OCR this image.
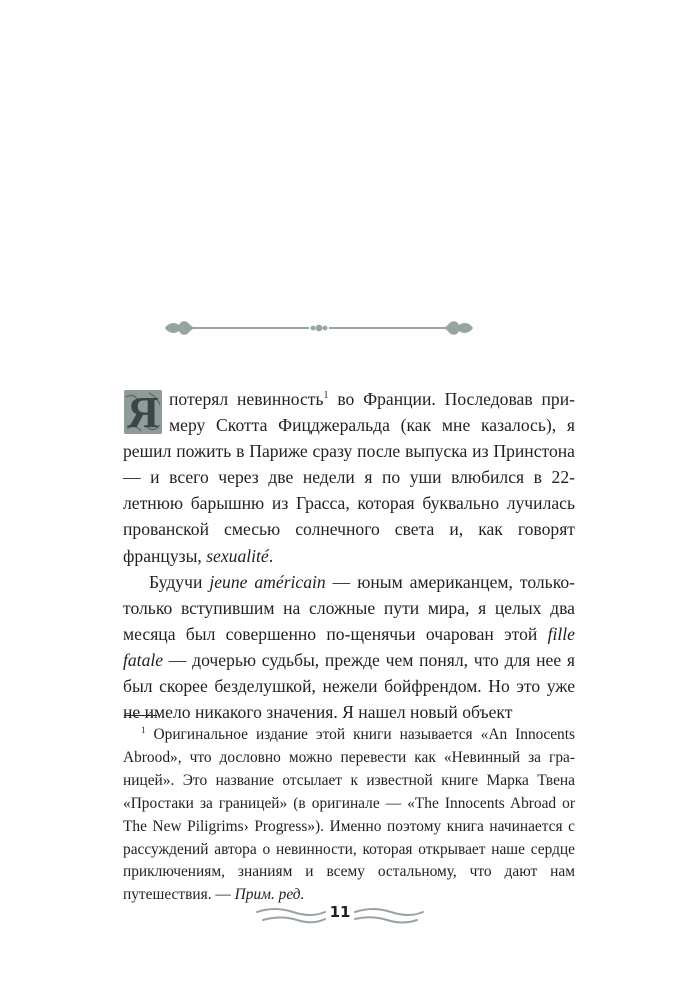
Я потерял невинность$^1$ во Франции. Последовав примеру Скотта Фицджеральда (как мне казалось), я решил пожить в Париже сразу после выпуска из Принстона — и всего через две недели я по уши влюбился в 22-летнюю барышню из Грасса, которая буквально лучилась прованской смесью солнечного света и, как говорят французы, sexualité.

Будучи jeune américain — юным американцем, только-только вступившим на сложные пути мира, я целых два месяца был совершенно по-щенячьи очарован этой fille fatale — дочерью судьбы, прежде чем понял, что для нее я был скорее безделушкой, нежели бойфрендом. Но это уже не имело никакого значения. Я нашел новый объект

$^1$ Оригинальное издание этой книги называется «An Innocents Abrood», что дословно можно перевести как «Невинный за границей». Это название отсылает к известной книге Марка Твена «Простаки за границей» (в оригинале — «The Innocents Abroad or The New Piligrims› Progress»). Именно поэтому книга начинается с рассуждений автора о невинности, которая открывает наше сердце приключениям, знаниям и всему остальному, что дают нам путешествия. — Прим. ред.

11
